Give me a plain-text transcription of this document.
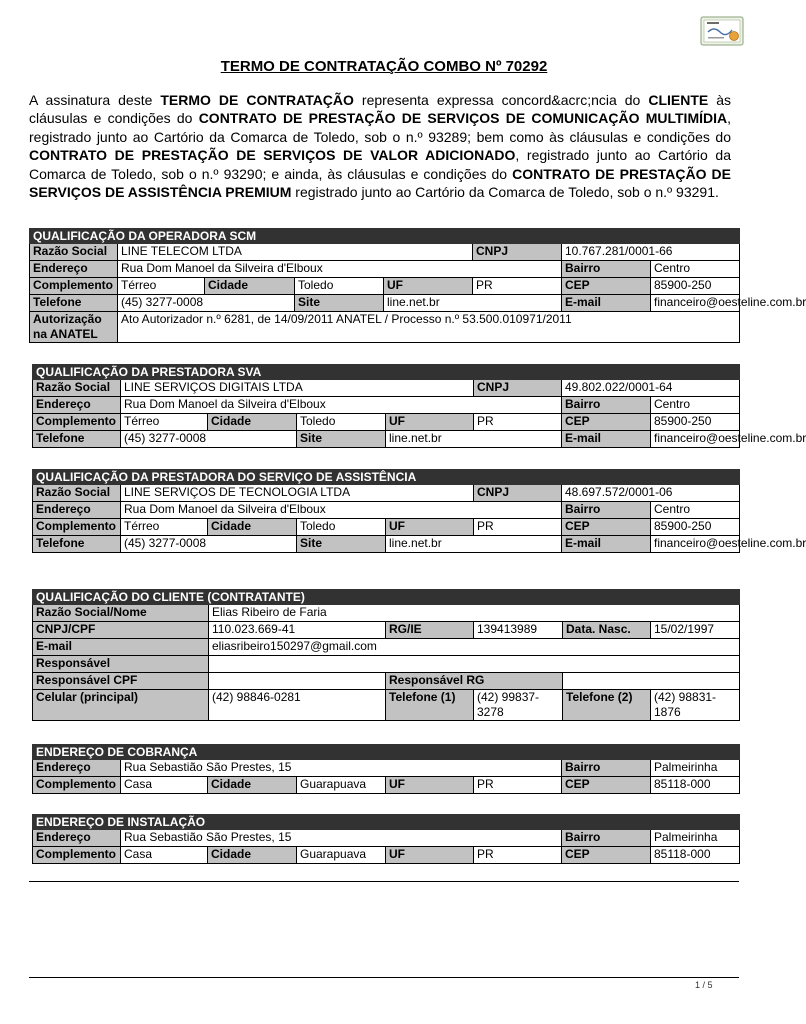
TERMO DE CONTRATAÇÃO COMBO Nº 70292

A assinatura deste TERMO DE CONTRATAÇÃO representa expressa concord&acrc;ncia do CLIENTE às cláusulas e condições do CONTRATO DE PRESTAÇÃO DE SERVIÇOS DE COMUNICAÇÃO MULTIMÍDIA, registrado junto ao Cartório da Comarca de Toledo, sob o n.º 93289; bem como às cláusulas e condições do CONTRATO DE PRESTAÇÃO DE SERVIÇOS DE VALOR ADICIONADO, registrado junto ao Cartório da Comarca de Toledo, sob o n.º 93290; e ainda, às cláusulas e condições do CONTRATO DE PRESTAÇÃO DE SERVIÇOS DE ASSISTÊNCIA PREMIUM registrado junto ao Cartório da Comarca de Toledo, sob o n.º 93291.

QUALIFICAÇÃO DA OPERADORA SCM							
Razão Social	LINE TELECOM LTDA				CNPJ	10.767.281/0001-66	
Endereço	Rua Dom Manoel da Silveira d'Elboux					Bairro	Centro
Complemento	Térreo	Cidade	Toledo	UF	PR	CEP	85900-250
Telefone	(45) 3277-0008		Site	line.net.br		E-mail	financeiro@oesteline.com.br
Autorização na ANATEL	Ato Autorizador n.º 6281, de 14/09/2011 ANATEL / Processo n.º 53.500.010971/2011						
QUALIFICAÇÃO DA PRESTADORA SVA							
Razão Social	LINE SERVIÇOS DIGITAIS LTDA				CNPJ	49.802.022/0001-64	
Endereço	Rua Dom Manoel da Silveira d'Elboux					Bairro	Centro
Complemento	Térreo	Cidade	Toledo	UF	PR	CEP	85900-250
Telefone	(45) 3277-0008		Site	line.net.br		E-mail	financeiro@oesteline.com.br
QUALIFICAÇÃO DA PRESTADORA DO SERVIÇO DE ASSISTÊNCIA							
Razão Social	LINE SERVIÇOS DE TECNOLOGIA LTDA				CNPJ	48.697.572/0001-06	
Endereço	Rua Dom Manoel da Silveira d'Elboux					Bairro	Centro
Complemento	Térreo	Cidade	Toledo	UF	PR	CEP	85900-250
Telefone	(45) 3277-0008		Site	line.net.br		E-mail	financeiro@oesteline.com.br
QUALIFICAÇÃO DO CLIENTE (CONTRATANTE)					
Razão Social/Nome	Elias Ribeiro de Faria				
CNPJ/CPF	110.023.669-41	RG/IE	139413989	Data. Nasc.	15/02/1997
E-mail	eliasribeiro150297@gmail.com				
Responsável					
Responsável CPF		Responsável RG			
Celular (principal)	(42) 98846-0281	Telefone (1)	(42) 99837-3278	Telefone (2)	(42) 98831-1876
ENDEREÇO DE COBRANÇA							
Endereço	Rua Sebastião São Prestes, 15					Bairro	Palmeirinha
Complemento	Casa	Cidade	Guarapuava	UF	PR	CEP	85118-000
ENDEREÇO DE INSTALAÇÃO							
Endereço	Rua Sebastião São Prestes, 15					Bairro	Palmeirinha
Complemento	Casa	Cidade	Guarapuava	UF	PR	CEP	85118-000
1 / 5
